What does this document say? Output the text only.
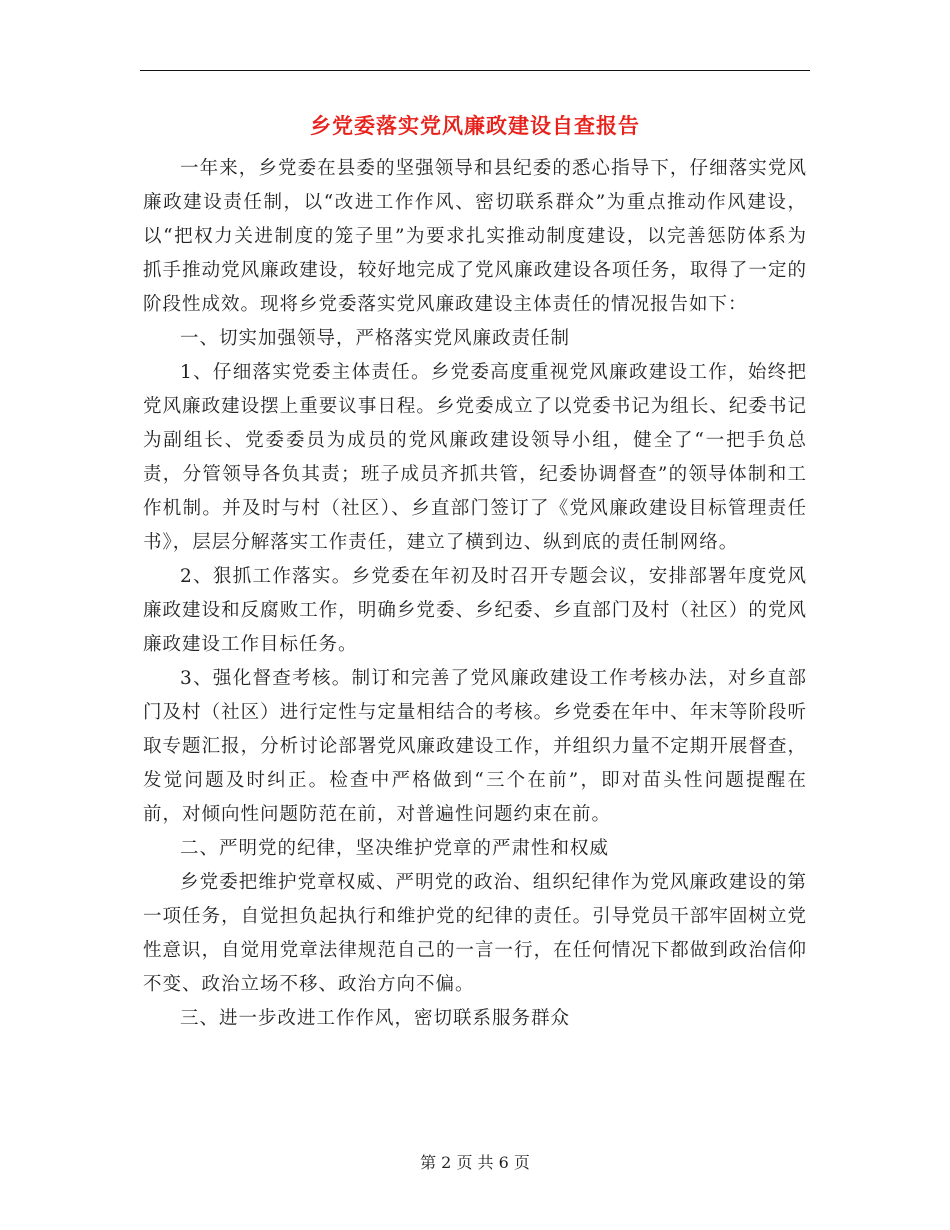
乡党委落实党风廉政建设自查报告

一年来，乡党委在县委的坚强领导和县纪委的悉心指导下，仔细落实党风廉政建设责任制，以“改进工作作风、密切联系群众”为重点推动作风建设，以“把权力关进制度的笼子里”为要求扎实推动制度建设，以完善惩防体系为抓手推动党风廉政建设，较好地完成了党风廉政建设各项任务，取得了一定的阶段性成效。现将乡党委落实党风廉政建设主体责任的情况报告如下：

一、切实加强领导，严格落实党风廉政责任制

1、仔细落实党委主体责任。乡党委高度重视党风廉政建设工作，始终把党风廉政建设摆上重要议事日程。乡党委成立了以党委书记为组长、纪委书记为副组长、党委委员为成员的党风廉政建设领导小组，健全了“一把手负总责，分管领导各负其责；班子成员齐抓共管，纪委协调督查”的领导体制和工作机制。并及时与村（社区）、乡直部门签订了《党风廉政建设目标管理责任书》，层层分解落实工作责任，建立了横到边、纵到底的责任制网络。

2、狠抓工作落实。乡党委在年初及时召开专题会议，安排部署年度党风廉政建设和反腐败工作，明确乡党委、乡纪委、乡直部门及村（社区）的党风廉政建设工作目标任务。

3、强化督查考核。制订和完善了党风廉政建设工作考核办法，对乡直部门及村（社区）进行定性与定量相结合的考核。乡党委在年中、年末等阶段听取专题汇报，分析讨论部署党风廉政建设工作，并组织力量不定期开展督查，发觉问题及时纠正。检查中严格做到“三个在前”，即对苗头性问题提醒在前，对倾向性问题防范在前，对普遍性问题约束在前。

二、严明党的纪律，坚决维护党章的严肃性和权威

乡党委把维护党章权威、严明党的政治、组织纪律作为党风廉政建设的第一项任务，自觉担负起执行和维护党的纪律的责任。引导党员干部牢固树立党性意识，自觉用党章法律规范自己的一言一行，在任何情况下都做到政治信仰不变、政治立场不移、政治方向不偏。

三、进一步改进工作作风，密切联系服务群众

第 2 页 共 6 页
